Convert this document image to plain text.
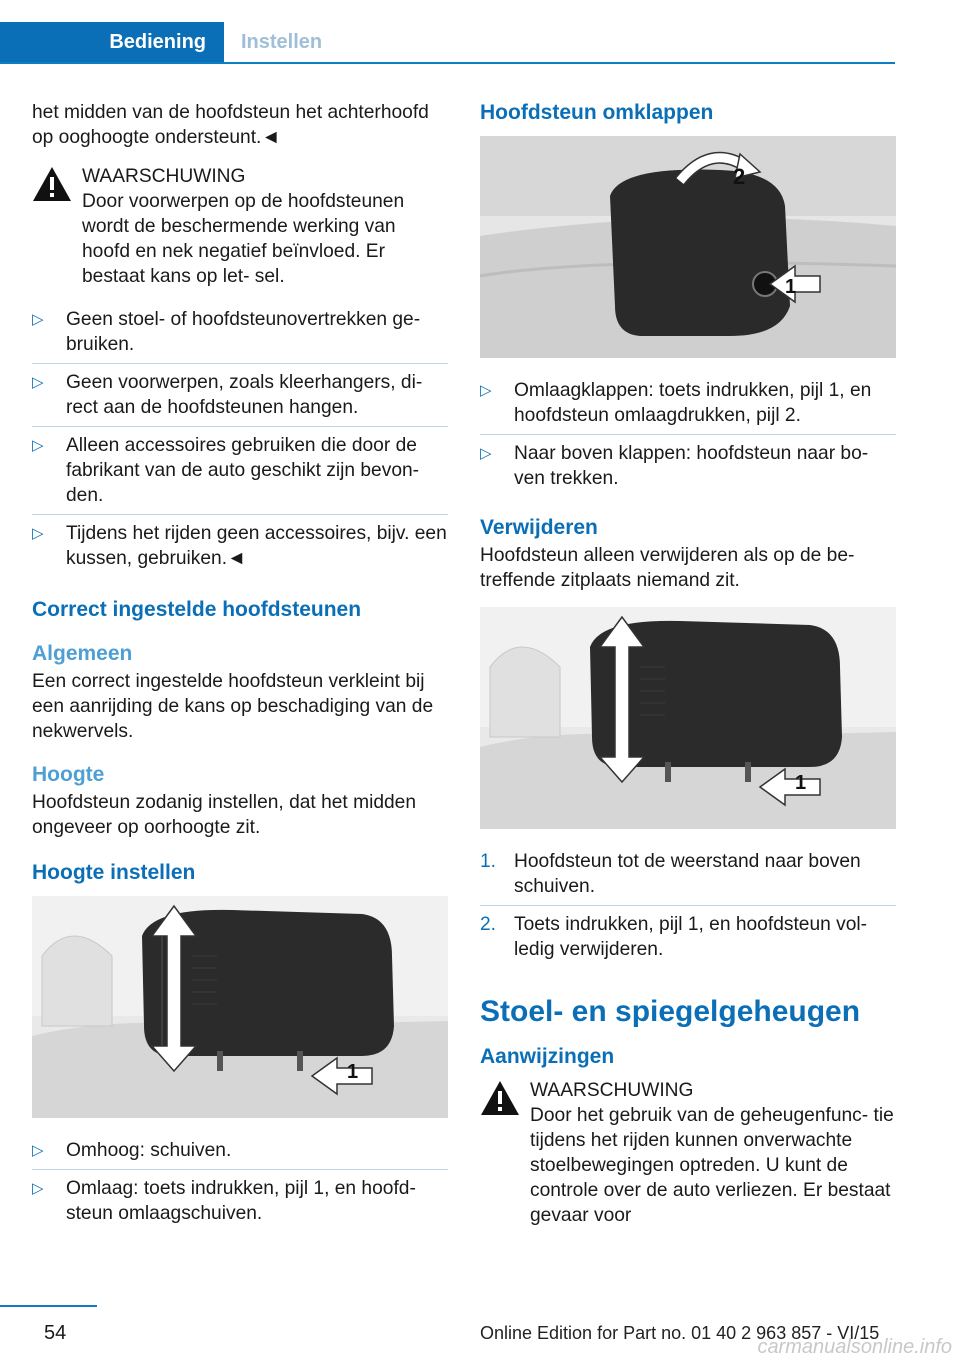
Bediening	Instellen

het midden van de hoofdsteun het achterhoofd op ooghoogte ondersteunt.◄

WAARSCHUWING
Door voorwerpen op de hoofdsteunen wordt de beschermende werking van hoofd en nek negatief beïnvloed. Er bestaat kans op let‐ sel.
▷ Geen stoel- of hoofdsteunovertrekken ge‐ bruiken.
▷ Geen voorwerpen, zoals kleerhangers, di‐ rect aan de hoofdsteunen hangen.
▷ Alleen accessoires gebruiken die door de fabrikant van de auto geschikt zijn bevon‐ den.
▷ Tijdens het rijden geen accessoires, bijv. een kussen, gebruiken.◄
Correct ingestelde hoofdsteunen
Algemeen

Een correct ingestelde hoofdsteun verkleint bij een aanrijding de kans op beschadiging van de nekwervels.

Hoogte

Hoofdsteun zodanig instellen, dat het midden ongeveer op oorhoogte zit.

Hoogte instellen
1
▷ Omhoog: schuiven.
▷ Omlaag: toets indrukken, pijl 1, en hoofd‐ steun omlaagschuiven.
Hoofdsteun omklappen
2
1
▷ Omlaagklappen: toets indrukken, pijl 1, en hoofdsteun omlaagdrukken, pijl 2.
▷ Naar boven klappen: hoofdsteun naar bo‐ ven trekken.
Verwijderen

Hoofdsteun alleen verwijderen als op de be‐ treffende zitplaats niemand zit.

1
1. Hoofdsteun tot de weerstand naar boven schuiven.
2. Toets indrukken, pijl 1, en hoofdsteun vol‐ ledig verwijderen.
Stoel- en spiegelgeheugen
Aanwijzingen
WAARSCHUWING
Door het gebruik van de geheugenfunc‐ tie tijdens het rijden kunnen onverwachte stoelbewegingen optreden. U kunt de controle over de auto verliezen. Er bestaat gevaar voor
54	Online Edition for Part no. 01 40 2 963 857 - VI/15
carmanualsonline.info
